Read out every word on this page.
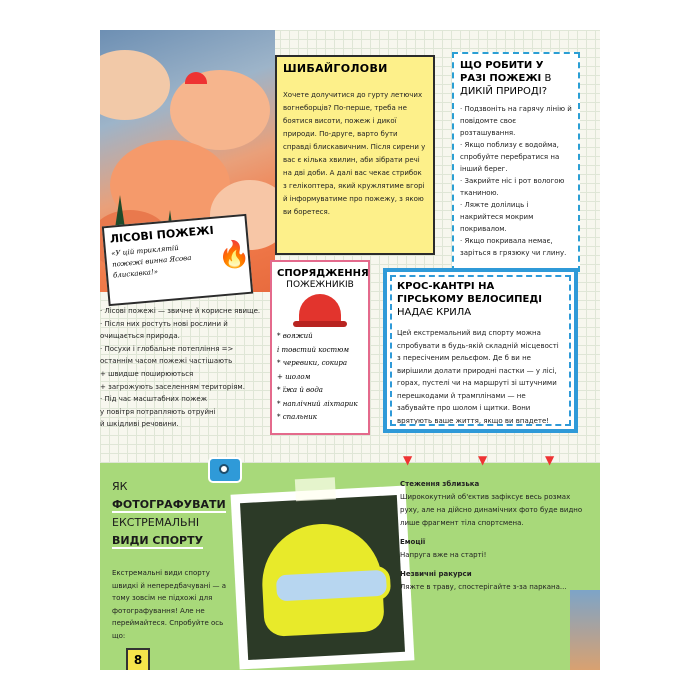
ШИБАЙГОЛОВИ

Хочете долучитися до гурту летючих вогнеборців? По-перше, треба не боятися висоти, пожеж і дикої природи. По-друге, варто бути справді блискавичним. Після сирени у вас є кілька хвилин, аби зібрати речі на дві доби. А далі вас чекає стрибок з гелікоптера, який кружлятиме вгорі й інформуватиме про пожежу, з якою ви боретеся.

ЩО РОБИТИ У РАЗІ ПОЖЕЖІ В ДИКІЙ ПРИРОДІ?
· Подзвоніть на гарячу лінію й повідомте своє розташування.
· Якщо поблизу є водойма, спробуйте перебратися на інший берег.
· Закрийте ніс і рот вологою тканиною.
· Ляжте долілиць і накрийтеся мокрим покривалом.
· Якщо покривала немає, заріться в грязюку чи глину.
ЛІСОВІ ПОЖЕЖІ

«У цій триклятій пожежі винна Ясова блискавка!»

🔥
· Лісові пожежі — звичне й корисне явище.
· Після них ростуть нові рослини й очищається природа.
· Посухи і глобальне потепління =>
останнім часом пожежі частішають
+ швидше поширюються
+ загрожують заселенням територіям.
· Під час масштабних пожеж
у повітря потрапляють отруйні
й шкідливі речовини.
СПОРЯДЖЕННЯ
ПОЖЕЖНИКІВ
* вояжий
і товстий костюм
* черевики, сокира
+ шолом
* їжа й вода
* наплічний ліхтарик
* спальник
КРОС-КАНТРІ НА ГІРСЬКОМУ ВЕЛОСИПЕДІ НАДАЄ КРИЛА

Цей екстремальний вид спорту можна спробувати в будь-якій складній місцевості з пересіченим рельєфом. Де б ви не вирішили долати природні пастки — у лісі, горах, пустелі чи на маршруті зі штучними перешкодами й трамплінами — не забувайте про шолом і щитки. Вони врятують ваше життя, якщо ви впадете!

▼	▼	▼
ЯК
ФОТОГРАФУВАТИ
ЕКСТРЕМАЛЬНІ
ВИДИ СПОРТУ
Екстремальні види спорту швидкі й непередбачувані — а тому зовсім не підхожі для фотографування! Але не переймайтеся. Спробуйте ось що:
Стеження зблизька
Ширококутний об'єктив зафіксує весь розмах руху, але на дійсно динамічних фото буде видно лише фрагмент тіла спортсмена.
Емоції
Напруга вже на старті!
Незвичні ракурси
Ляжте в траву, спостерігайте з-за паркана...
8
